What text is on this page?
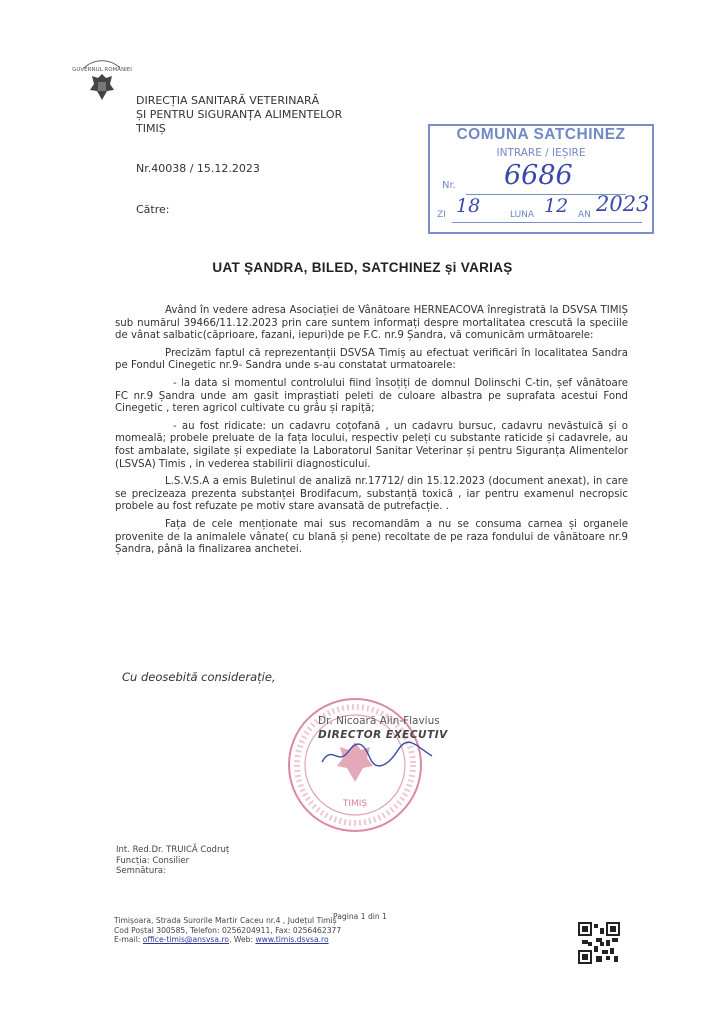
GUVERNUL ROMÂNIEI
DIRECȚIA SANITARĂ VETERINARĂ
ȘI PENTRU SIGURANȚA ALIMENTELOR
TIMIȘ
Nr.40038 / 15.12.2023
Către:
COMUNA SATCHINEZ
INTRARE / IEȘIRE
Nr. 6686
ZI 18	LUNA 12 AN 2023
UAT ȘANDRA, BILED, SATCHINEZ și VARIAȘ

Având în vedere adresa Asociației de Vânătoare HERNEACOVA înregistrată la DSVSA TIMIȘ sub numărul 39466/11.12.2023 prin care suntem informați despre mortalitatea crescută la speciile de vânat salbatic(căprioare, fazani, iepuri)de pe F.C. nr.9 Șandra, vă comunicăm următoarele:

Precizăm faptul că reprezentanții DSVSA Timiș au efectuat verificări în localitatea Sandra pe Fondul Cinegetic nr.9- Sandra unde s-au constatat urmatoarele:

- la data si momentul controlului fiind însoțiți de domnul Dolinschi C-tin, șef vânătoare FC nr.9 Șandra unde am gasit impraștiati peleti de culoare albastra pe suprafata acestui Fond Cinegetic , teren agricol cultivate cu grâu și rapiță;

- au fost ridicate: un cadavru coțofană , un cadavru bursuc, cadavru nevăstuică și o momeală; probele preluate de la fața locului, respectiv peleți cu substante raticide și cadavrele, au fost ambalate, sigilate și expediate la Laboratorul Sanitar Veterinar și pentru Siguranța Alimentelor (LSVSA) Timis , in vederea stabilirii diagnosticului.

L.S.V.S.A a emis Buletinul de analiză nr.17712/ din 15.12.2023 (document anexat), in care se precizeaza prezenta substanței Brodifacum, substanță toxică , iar pentru examenul necropsic probele au fost refuzate pe motiv stare avansată de putrefacție. .

Fața de cele menționate mai sus recomandăm a nu se consuma carnea și organele provenite de la animalele vânate( cu blană și pene) recoltate de pe raza fondului de vânătoare nr.9 Șandra, până la finalizarea anchetei.

Cu deosebită considerație,
TIMIȘ
Dr. Nicoară Alin-Flavius
DIRECTOR EXECUTIV
Int. Red.Dr. TRUICĂ Codruț
Funcția: Consilier
Semnătura:
Pagina 1 din 1
Timișoara, Strada Surorile Martir Caceu nr.4 , Județul Timiș
Cod Poștal 300585, Telefon: 0256204911, Fax: 0256462377
E-mail: office-timis@ansvsa.ro, Web: www.timis.dsvsa.ro
